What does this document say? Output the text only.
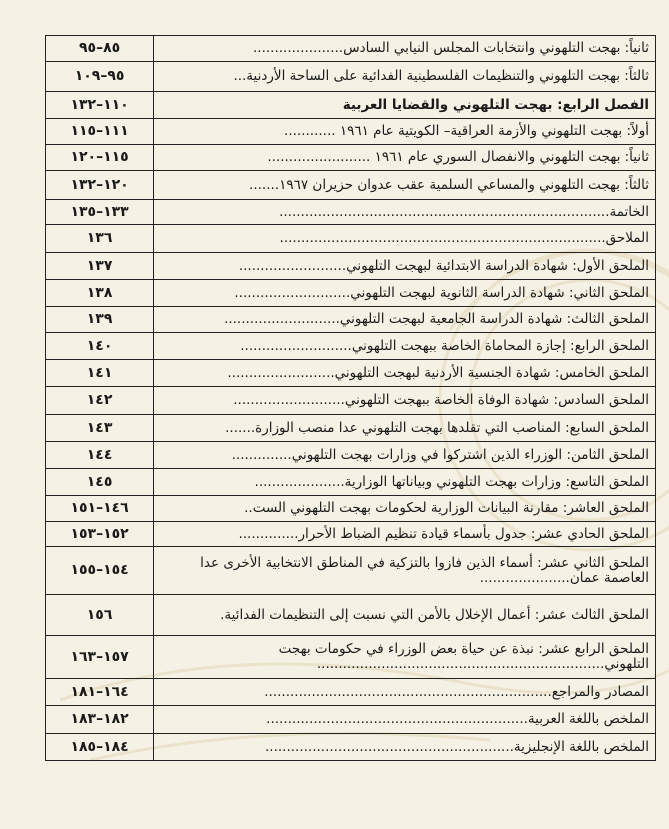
ثانياً: بهجت التلهوني وانتخابات المجلس النيابي السادس.....................	٨٥–٩٥
ثالثاً: بهجت التلهوني والتنظيمات الفلسطينية الفدائية على الساحة الأردنية...	٩٥–١٠٩
الفصل الرابع: بهجت التلهوني والقضايا العربية	١١٠–١٣٢
أولاً: بهجت التلهوني والأزمة العراقية– الكويتية عام ١٩٦١ ............	١١١–١١٥
ثانياً: بهجت التلهوني والانفصال السوري عام ١٩٦١ ........................	١١٥–١٢٠
ثالثاً: بهجت التلهوني والمساعي السلمية عقب عدوان حزيران ١٩٦٧.......	١٢٠–١٣٢
الخاتمة.............................................................................	١٣٣–١٣٥
الملاحق............................................................................	١٣٦
الملحق الأول: شهادة الدراسة الابتدائية لبهجت التلهوني.........................	١٣٧
الملحق الثاني: شهادة الدراسة الثانوية لبهجت التلهوني...........................	١٣٨
الملحق الثالث: شهادة الدراسة الجامعية لبهجت التلهوني...........................	١٣٩
الملحق الرابع: إجازة المحاماة الخاصة ببهجت التلهوني..........................	١٤٠
الملحق الخامس: شهادة الجنسية الأردنية لبهجت التلهوني.........................	١٤١
الملحق السادس: شهادة الوفاة الخاصة ببهجت التلهوني..........................	١٤٢
الملحق السابع: المناصب التي تقلدها بهجت التلهوني عدا منصب الوزارة.......	١٤٣
الملحق الثامن: الوزراء الذين اشتركوا في وزارات بهجت التلهوني..............	١٤٤
الملحق التاسع: وزارات بهجت التلهوني وبياناتها الوزارية.....................	١٤٥
الملحق العاشر: مقارنة البيانات الوزارية لحكومات بهجت التلهوني الست..	١٤٦–١٥١
الملحق الحادي عشر: جدول بأسماء قيادة تنظيم الضباط الأحرار..............	١٥٢–١٥٣
الملحق الثاني عشر: أسماء الذين فازوا بالتزكية في المناطق الانتخابية الأخرى عدا العاصمة عمان.....................	١٥٤–١٥٥
الملحق الثالث عشر: أعمال الإخلال بالأمن التي نسبت إلى التنظيمات الفدائية.	١٥٦
الملحق الرابع عشر: نبذة عن حياة بعض الوزراء في حكومات بهجت التلهوني...................................................................	١٥٧–١٦٣
المصادر والمراجع...................................................................	١٦٤–١٨١
الملخص باللغة العربية.............................................................	١٨٢–١٨٣
الملخص باللغة الإنجليزية..........................................................	١٨٤–١٨٥
